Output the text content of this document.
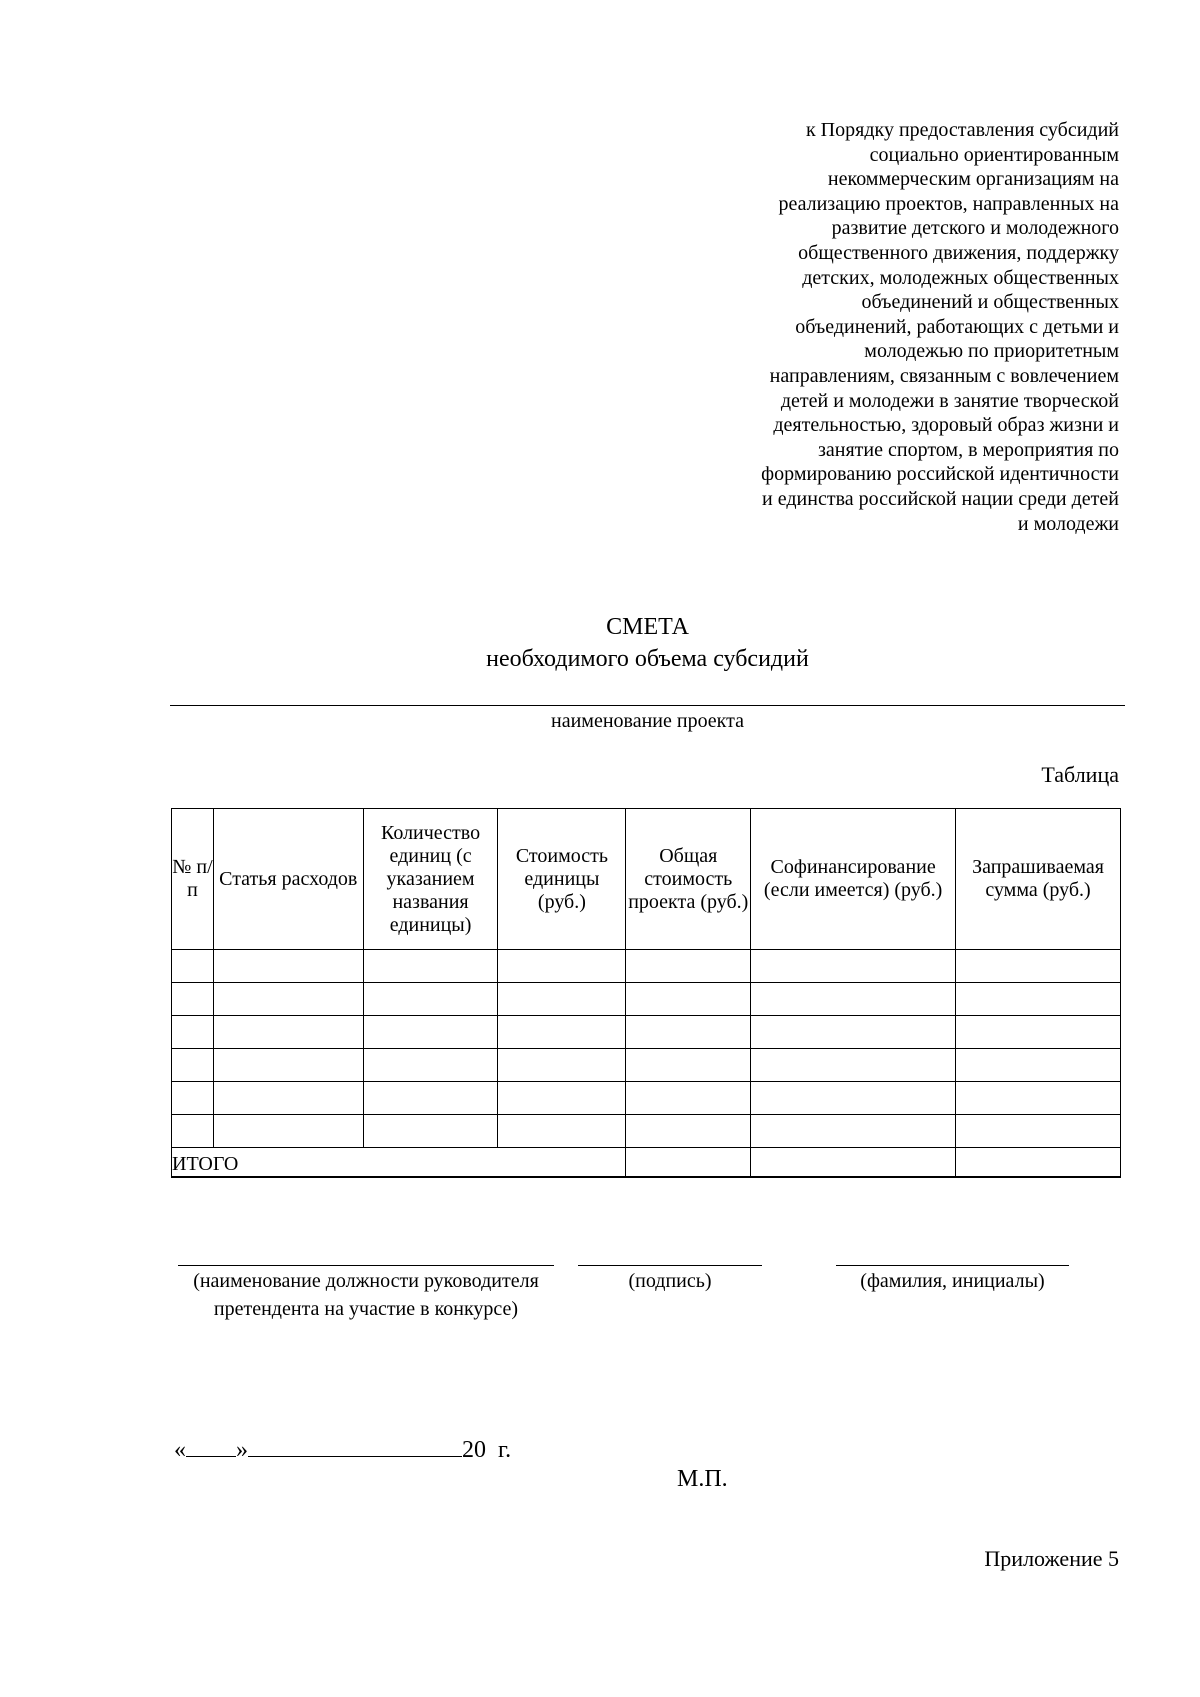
к Порядку предоставления субсидий
социально ориентированным
некоммерческим организациям на
реализацию проектов, направленных на
развитие детского и молодежного
общественного движения, поддержку
детских, молодежных общественных
объединений и общественных
объединений, работающих с детьми и
молодежью по приоритетным
направлениям, связанным с вовлечением
детей и молодежи в занятие творческой
деятельностью, здоровый образ жизни и
занятие спортом, в мероприятия по
формированию российской идентичности
и единства российской нации среди детей
и молодежи
СМЕТА
необходимого объема субсидий
наименование проекта
Таблица
№ п/п	Статья расходов	Количество единиц (с указанием названия единицы)	Стоимость единицы (руб.)	Общая стоимость проекта (руб.)	Софинансирование (если имеется) (руб.)	Запрашиваемая сумма (руб.)

ИТОГО						
(наименование должности руководителя претендента на участие в конкурсе)
(подпись)	(фамилия, инициалы)
« »	20 г.
М.П.
Приложение 5
